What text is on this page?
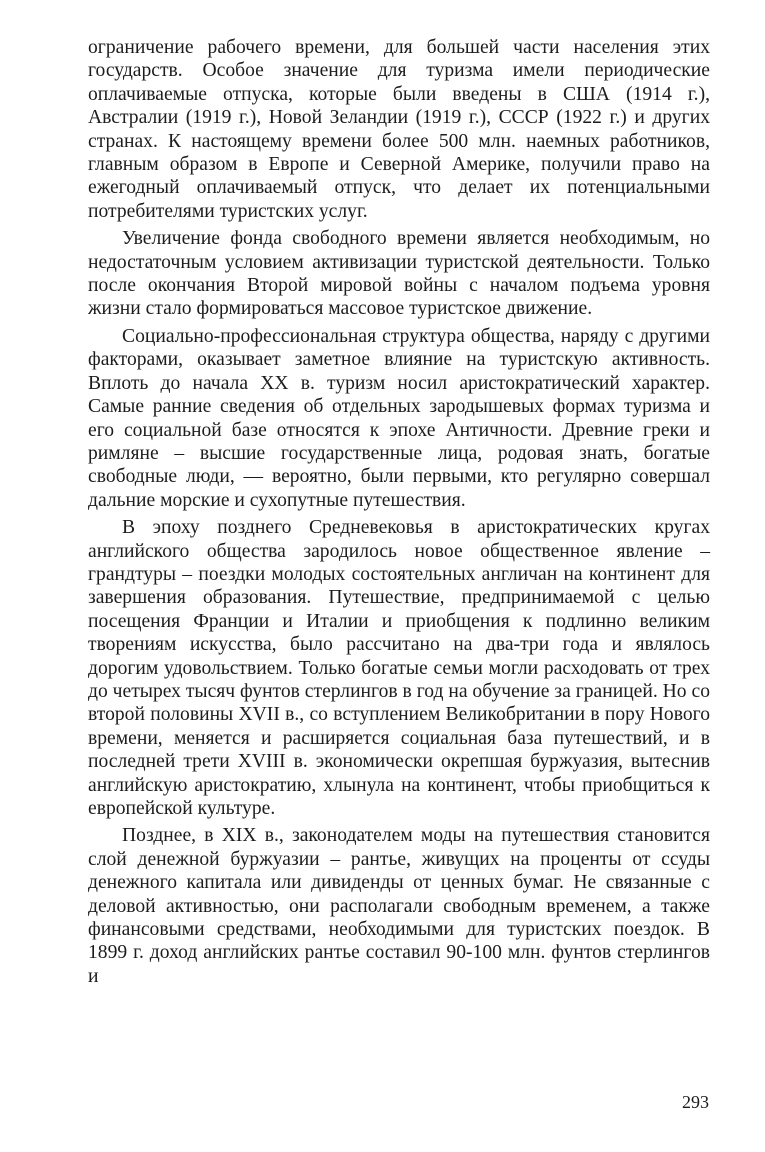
ограничение рабочего времени, для большей части населения этих государств. Особое значение для туризма имели периодические оплачиваемые отпуска, которые были введены в США (1914 г.), Австралии (1919 г.), Новой Зеландии (1919 г.), СССР (1922 г.) и других странах. К настоящему времени более 500 млн. наемных работников, главным образом в Европе и Северной Америке, получили право на ежегодный оплачиваемый отпуск, что делает их потенциальными потребителями туристских услуг.

Увеличение фонда свободного времени является необходимым, но недостаточным условием активизации туристской деятельности. Только после окончания Второй мировой войны с началом подъема уровня жизни стало формироваться массовое туристское движение.

Социально-профессиональная структура общества, наряду с другими факторами, оказывает заметное влияние на туристскую активность. Вплоть до начала XX в. туризм носил аристократический характер. Самые ранние сведения об отдельных зародышевых формах туризма и его социальной базе относятся к эпохе Античности. Древние греки и римляне – высшие государственные лица, родовая знать, богатые свободные люди, — вероятно, были первыми, кто регулярно совершал дальние морские и сухопутные путешествия.

В эпоху позднего Средневековья в аристократических кругах английского общества зародилось новое общественное явление – грандтуры – поездки молодых состоятельных англичан на континент для завершения образования. Путешествие, предпринимаемой с целью посещения Франции и Италии и приобщения к подлинно великим творениям искусства, было рассчитано на два-три года и являлось дорогим удовольствием. Только богатые семьи могли расходовать от трех до четырех тысяч фунтов стерлингов в год на обучение за границей. Но со второй половины XVII в., со вступлением Великобритании в пору Нового времени, меняется и расширяется социальная база путешествий, и в последней трети XVIII в. экономически окрепшая буржуазия, вытеснив английскую аристократию, хлынула на континент, чтобы приобщиться к европейской культуре.

Позднее, в XIX в., законодателем моды на путешествия становится слой денежной буржуазии – рантье, живущих на проценты от ссуды денежного капитала или дивиденды от ценных бумаг. Не связанные с деловой активностью, они располагали свободным временем, а также финансовыми средствами, необходимыми для туристских поездок. В 1899 г. доход английских рантье составил 90-100 млн. фунтов стерлингов и

293
